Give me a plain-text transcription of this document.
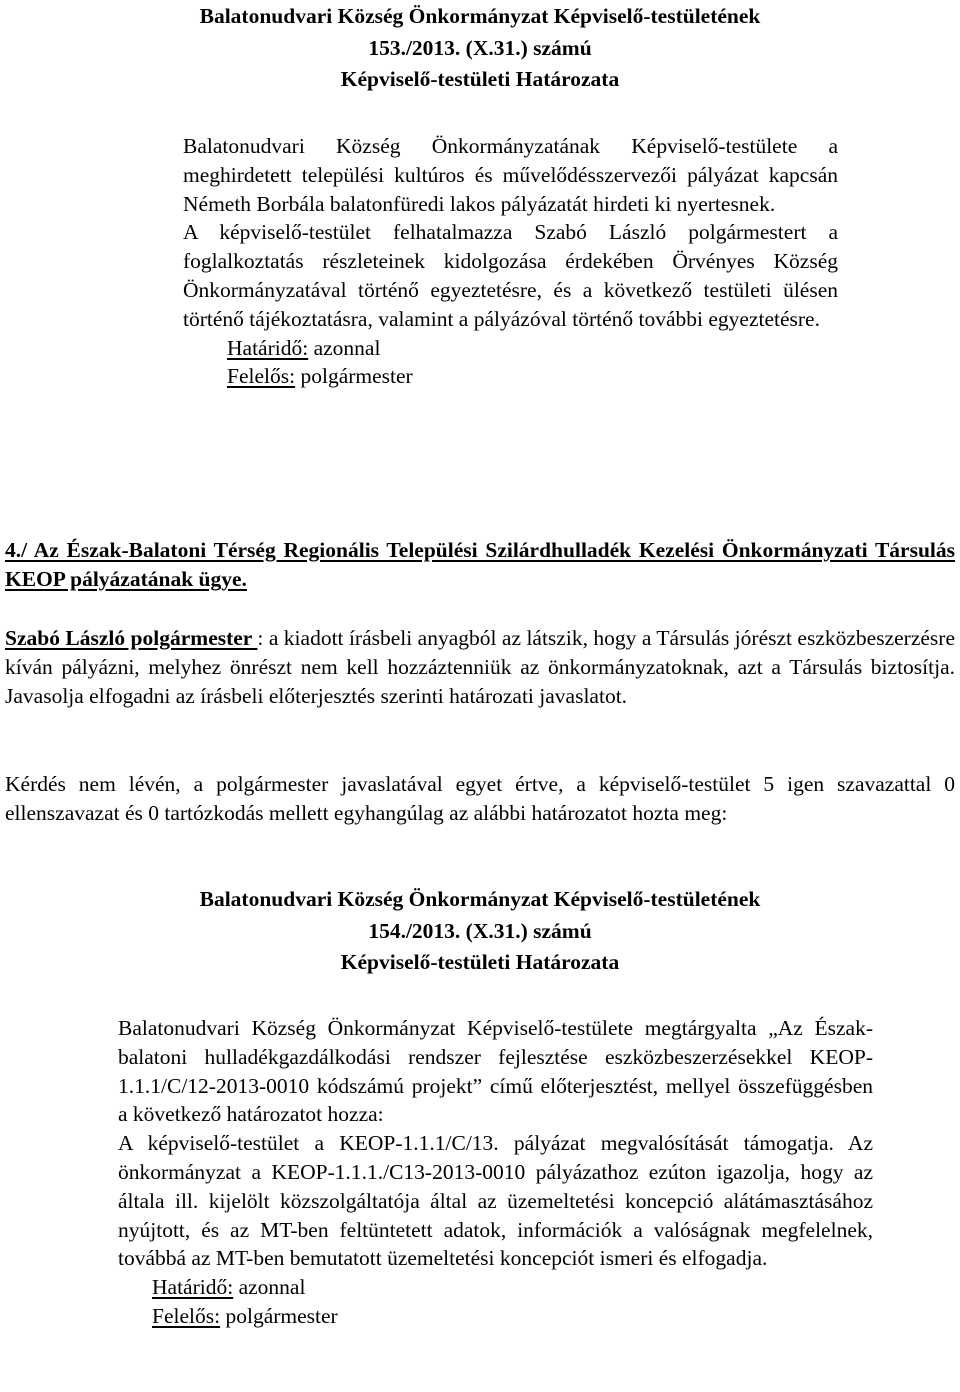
Balatonudvari Község Önkormányzat Képviselő-testületének

153./2013. (X.31.) számú

Képviselő-testületi Határozata

Balatonudvari Község Önkormányzatának Képviselő-testülete a meghirdetett települési kultúros és művelődésszervezői pályázat kapcsán Németh Borbála balatonfüredi lakos pályázatát hirdeti ki nyertesnek.

A képviselő-testület felhatalmazza Szabó László polgármestert a foglalkoztatás részleteinek kidolgozása érdekében Örvényes Község Önkormányzatával történő egyeztetésre, és a következő testületi ülésen történő tájékoztatásra, valamint a pályázóval történő további egyeztetésre.

Határidő: azonnal

Felelős: polgármester

4./ Az Észak-Balatoni Térség Regionális Települési Szilárdhulladék Kezelési Önkormányzati Társulás KEOP pályázatának ügye.
Szabó László polgármester : a kiadott írásbeli anyagból az látszik, hogy a Társulás jórészt eszközbeszerzésre kíván pályázni, melyhez önrészt nem kell hozzáztenniük az önkormányzatoknak, azt a Társulás biztosítja. Javasolja elfogadni az írásbeli előterjesztés szerinti határozati javaslatot.
Kérdés nem lévén, a polgármester javaslatával egyet értve, a képviselő-testület 5 igen szavazattal 0 ellenszavazat és 0 tartózkodás mellett egyhangúlag az alábbi határozatot hozta meg:

Balatonudvari Község Önkormányzat Képviselő-testületének

154./2013. (X.31.) számú

Képviselő-testületi Határozata

Balatonudvari Község Önkormányzat Képviselő-testülete megtárgyalta „Az Észak-balatoni hulladékgazdálkodási rendszer fejlesztése eszközbeszerzésekkel KEOP-1.1.1/C/12-2013-0010 kódszámú projekt” című előterjesztést, mellyel összefüggésben a következő határozatot hozza:

A képviselő-testület a KEOP-1.1.1/C/13. pályázat megvalósítását támogatja. Az önkormányzat a KEOP-1.1.1./C13-2013-0010 pályázathoz ezúton igazolja, hogy az általa ill. kijelölt közszolgáltatója által az üzemeltetési koncepció alátámasztásához nyújtott, és az MT-ben feltüntetett adatok, információk a valóságnak megfelelnek, továbbá az MT-ben bemutatott üzemeltetési koncepciót ismeri és elfogadja.

Határidő: azonnal

Felelős: polgármester
